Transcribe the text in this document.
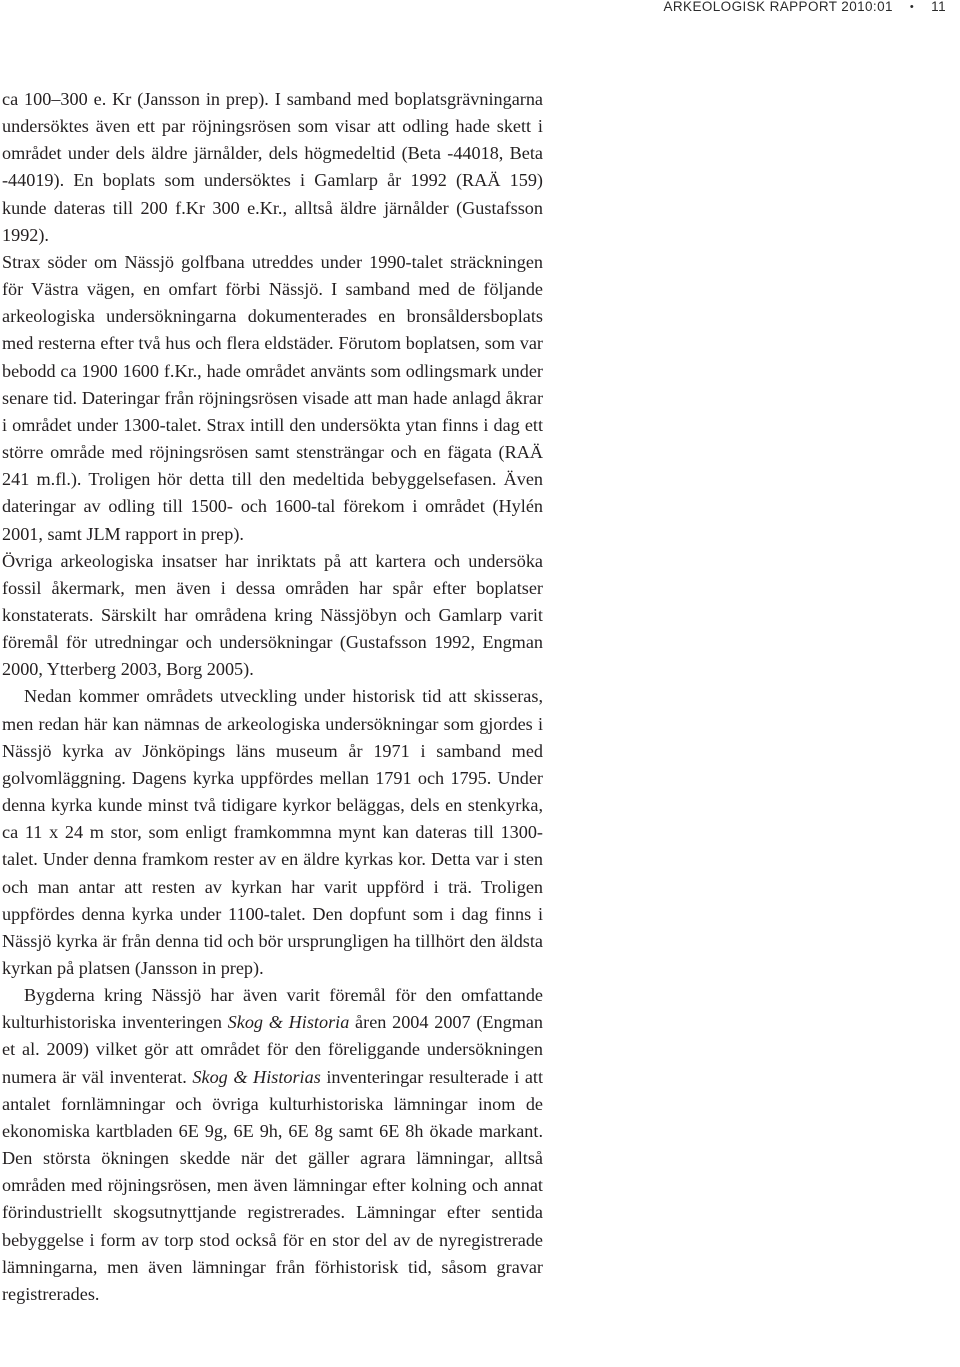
ARKEOLOGISK RAPPORT 2010:01 • 11

ca 100–300 e. Kr (Jansson in prep). I samband med boplatsgrävningarna undersöktes även ett par röjningsrösen som visar att odling hade skett i området under dels äldre järnålder, dels högmedeltid (Beta -44018, Beta -44019). En boplats som undersöktes i Gamlarp år 1992 (RAÄ 159) kunde dateras till 200 f.Kr 300 e.Kr., alltså äldre järnålder (Gustafsson 1992).

Strax söder om Nässjö golfbana utreddes under 1990-talet sträckningen för Västra vägen, en omfart förbi Nässjö. I samband med de följande arkeologiska undersökningarna dokumenterades en bronsåldersboplats med resterna efter två hus och flera eldstäder. Förutom boplatsen, som var bebodd ca 1900 1600 f.Kr., hade området använts som odlingsmark under senare tid. Dateringar från röjningsrösen visade att man hade anlagd åkrar i området under 1300-talet. Strax intill den undersökta ytan finns i dag ett större område med röjningsrösen samt stensträngar och en fägata (RAÄ 241 m.fl.). Troligen hör detta till den medeltida bebyggelsefasen. Även dateringar av odling till 1500- och 1600-tal förekom i området (Hylén 2001, samt JLM rapport in prep).

Övriga arkeologiska insatser har inriktats på att kartera och undersöka fossil åkermark, men även i dessa områden har spår efter boplatser konstaterats. Särskilt har områdena kring Nässjöbyn och Gamlarp varit föremål för utredningar och undersökningar (Gustafsson 1992, Engman 2000, Ytterberg 2003, Borg 2005).

Nedan kommer områdets utveckling under historisk tid att skisseras, men redan här kan nämnas de arkeologiska undersökningar som gjordes i Nässjö kyrka av Jönköpings läns museum år 1971 i samband med golvomläggning. Dagens kyrka uppfördes mellan 1791 och 1795. Under denna kyrka kunde minst två tidigare kyrkor beläggas, dels en stenkyrka, ca 11 x 24 m stor, som enligt framkommna mynt kan dateras till 1300-talet. Under denna framkom rester av en äldre kyrkas kor. Detta var i sten och man antar att resten av kyrkan har varit uppförd i trä. Troligen uppfördes denna kyrka under 1100-talet. Den dopfunt som i dag finns i Nässjö kyrka är från denna tid och bör ursprungligen ha tillhört den äldsta kyrkan på platsen (Jansson in prep).

Bygderna kring Nässjö har även varit föremål för den omfattande kulturhistoriska inventeringen Skog & Historia åren 2004 2007 (Engman et al. 2009) vilket gör att området för den föreliggande undersökningen numera är väl inventerat. Skog & Historias inventeringar resulterade i att antalet fornlämningar och övriga kulturhistoriska lämningar inom de ekonomiska kartbladen 6E 9g, 6E 9h, 6E 8g samt 6E 8h ökade markant. Den största ökningen skedde när det gäller agrara lämningar, alltså områden med röjningsrösen, men även lämningar efter kolning och annat förindustriellt skogsutnyttjande registrerades. Lämningar efter sentida bebyggelse i form av torp stod också för en stor del av de nyregistrerade lämningarna, men även lämningar från förhistorisk tid, såsom gravar registrerades.
